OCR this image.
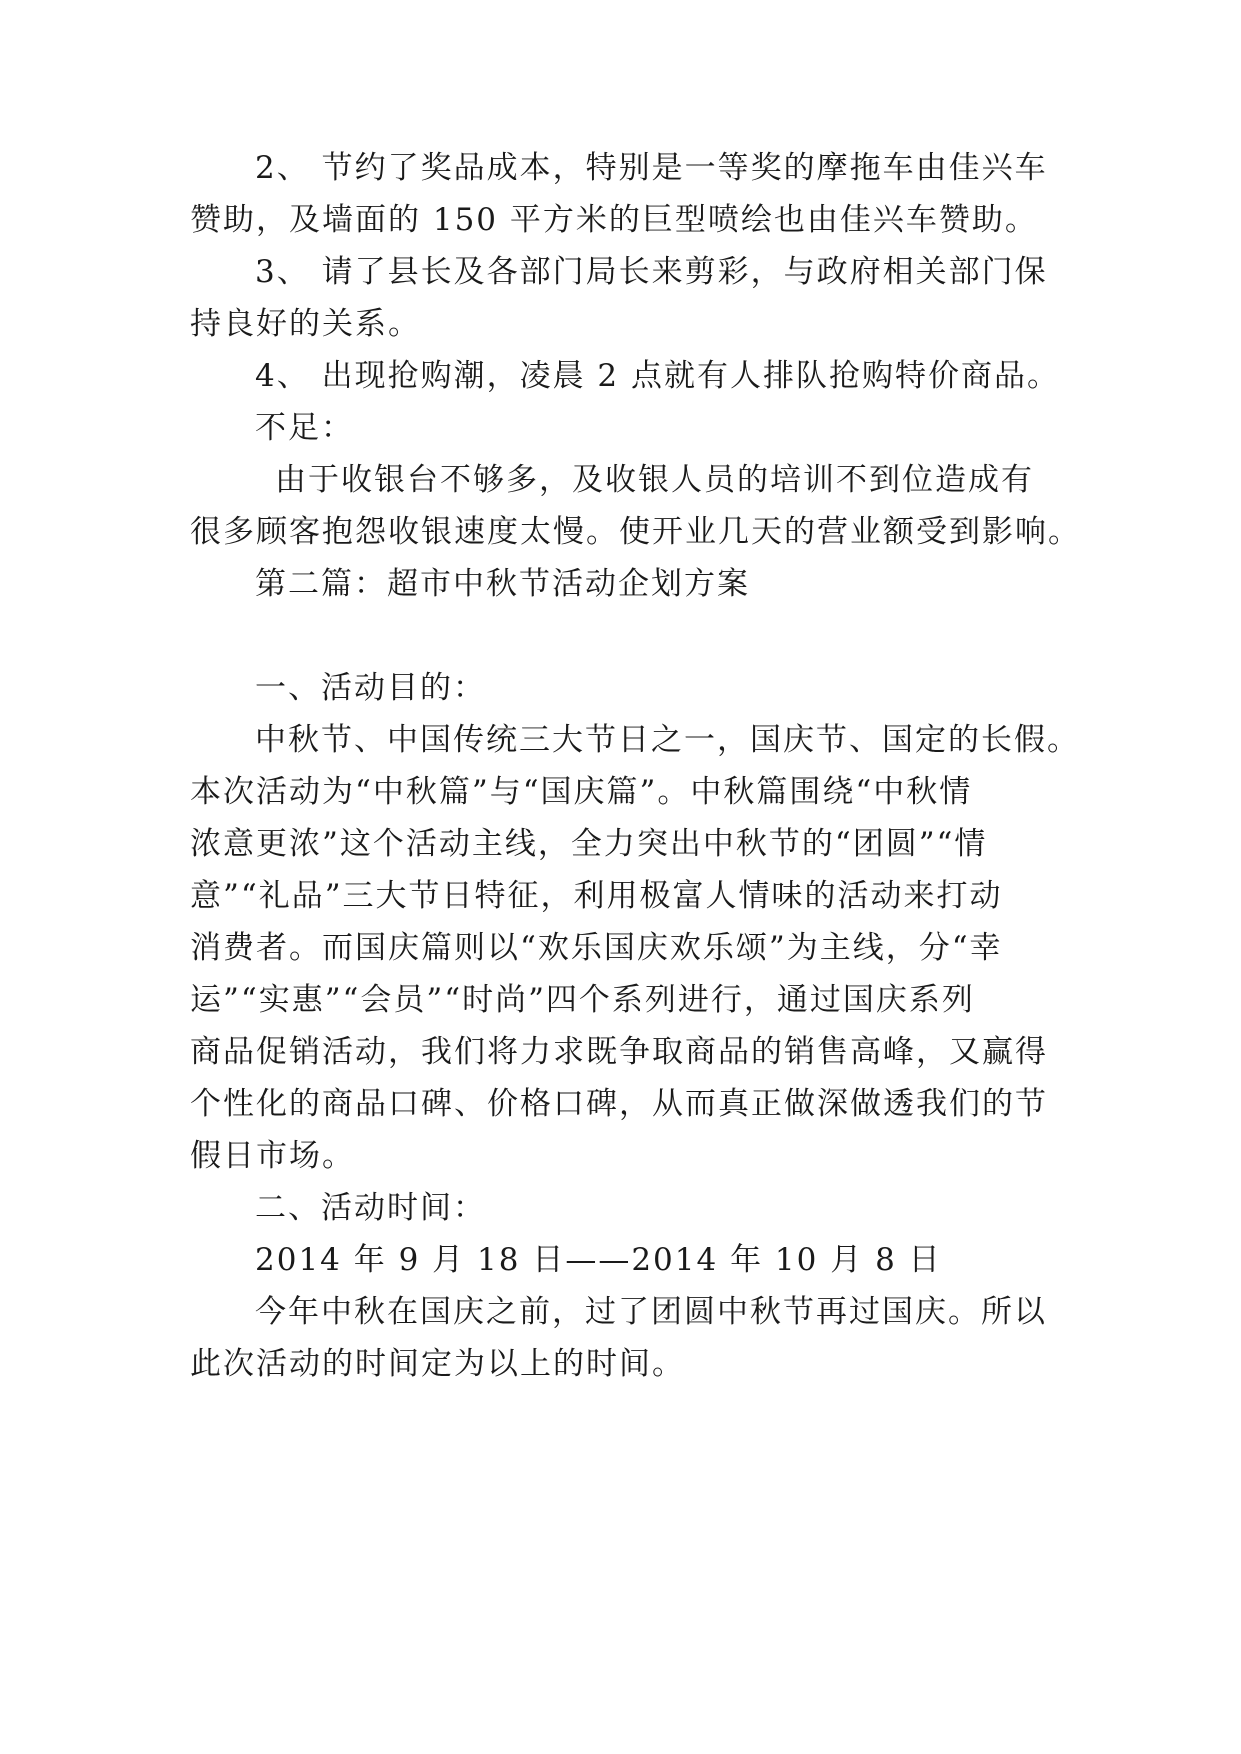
2、 节约了奖品成本，特别是一等奖的摩拖车由佳兴车
赞助，及墙面的 150 平方米的巨型喷绘也由佳兴车赞助。
3、 请了县长及各部门局长来剪彩，与政府相关部门保
持良好的关系。
4、 出现抢购潮，凌晨 2 点就有人排队抢购特价商品。
不足：
由于收银台不够多，及收银人员的培训不到位造成有
很多顾客抱怨收银速度太慢。使开业几天的营业额受到影响。
第二篇：超市中秋节活动企划方案
一、活动目的：
中秋节、中国传统三大节日之一，国庆节、国定的长假。
本次活动为“中秋篇”与“国庆篇”。中秋篇围绕“中秋情
浓意更浓”这个活动主线，全力突出中秋节的“团圆”“情
意”“礼品”三大节日特征，利用极富人情味的活动来打动
消费者。而国庆篇则以“欢乐国庆欢乐颂”为主线，分“幸
运”“实惠”“会员”“时尚”四个系列进行，通过国庆系列
商品促销活动，我们将力求既争取商品的销售高峰，又赢得
个性化的商品口碑、价格口碑，从而真正做深做透我们的节
假日市场。
二、活动时间：
2014 年 9 月 18 日——2014 年 10 月 8 日
今年中秋在国庆之前，过了团圆中秋节再过国庆。所以
此次活动的时间定为以上的时间。
